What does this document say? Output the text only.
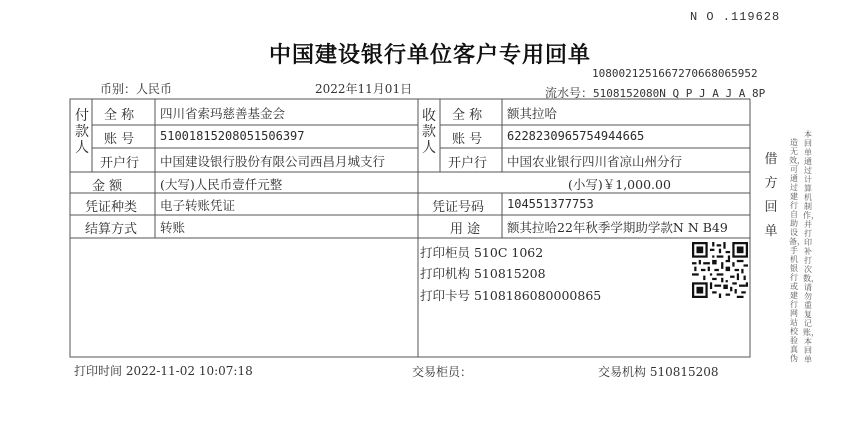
N O .119628
中国建设银行单位客户专用回单
币别：人民币	2022年11月01日
1080021251667270668065952
流水号：5108152080N Q P J A J A 8P
付款人
全 称 四川省索玛慈善基金会
账 号 51001815208051506397
开户行 中国建设银行股份有限公司西昌月城支行
收款人
全 称 额其拉哈
账 号 6228230965754944665
开户行 中国农业银行四川省凉山州分行
金 额	(大写)人民币壹仟元整	(小写)￥1,000.00
凭证种类 电子转账凭证	凭证号码 104551377753
结算方式 转账	用 途 额其拉哈22年秋季学期助学款N N B49
打印柜员 510C 1062
打印机构 510815208
打印卡号 5108186080000865
借方回单
造无效，可通过建行自助设备，手机银行或建行网站校验真伪
本回单通过计算机制作，并打印补打次数，请勿重复记账，本回单
打印时间 2022-11-02 10:07:18	交易柜员：	交易机构 510815208
